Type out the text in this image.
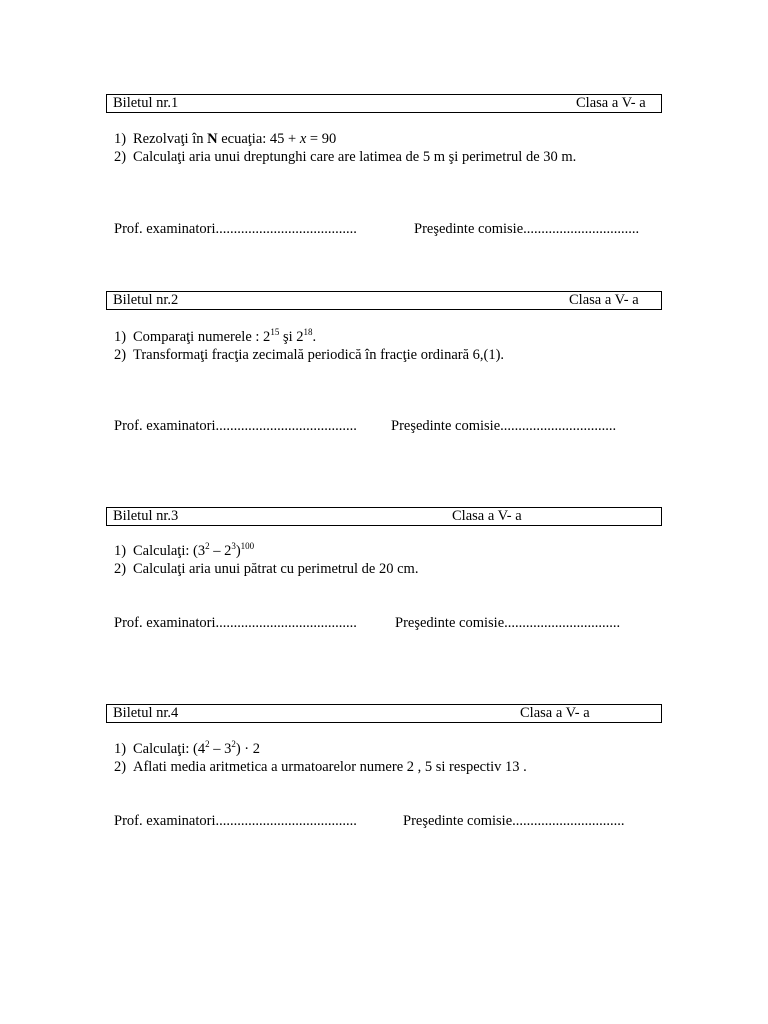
Biletul nr.1	Clasa a V- a
1) Rezolvaţi în N ecuaţia: 45 + x = 90
2) Calculaţi aria unui dreptunghi care are latimea de 5 m şi perimetrul de 30 m.
Prof. examinatori.......................................	Preşedinte comisie................................
Biletul nr.2	Clasa a V- a
1) Comparaţi numerele : $2^{15}$ şi $2^{18}$.
2) Transformaţi fracţia zecimală periodică în fracţie ordinară 6,(1).
Prof. examinatori....................................... Preşedinte comisie................................
Biletul nr.3	Clasa a V- a
1) Calculaţi: $(3^2 - 2^3)^{100}$
2) Calculaţi aria unui pătrat cu perimetrul de 20 cm.
Prof. examinatori.......................................	Preşedinte comisie................................
Biletul nr.4	Clasa a V- a
1) Calculaţi: $(4^2 - 3^2) \cdot 2$
2) Aflati media aritmetica a urmatoarelor numere 2 , 5 si respectiv 13 .
Prof. examinatori.......................................	Preşedinte comisie...............................
